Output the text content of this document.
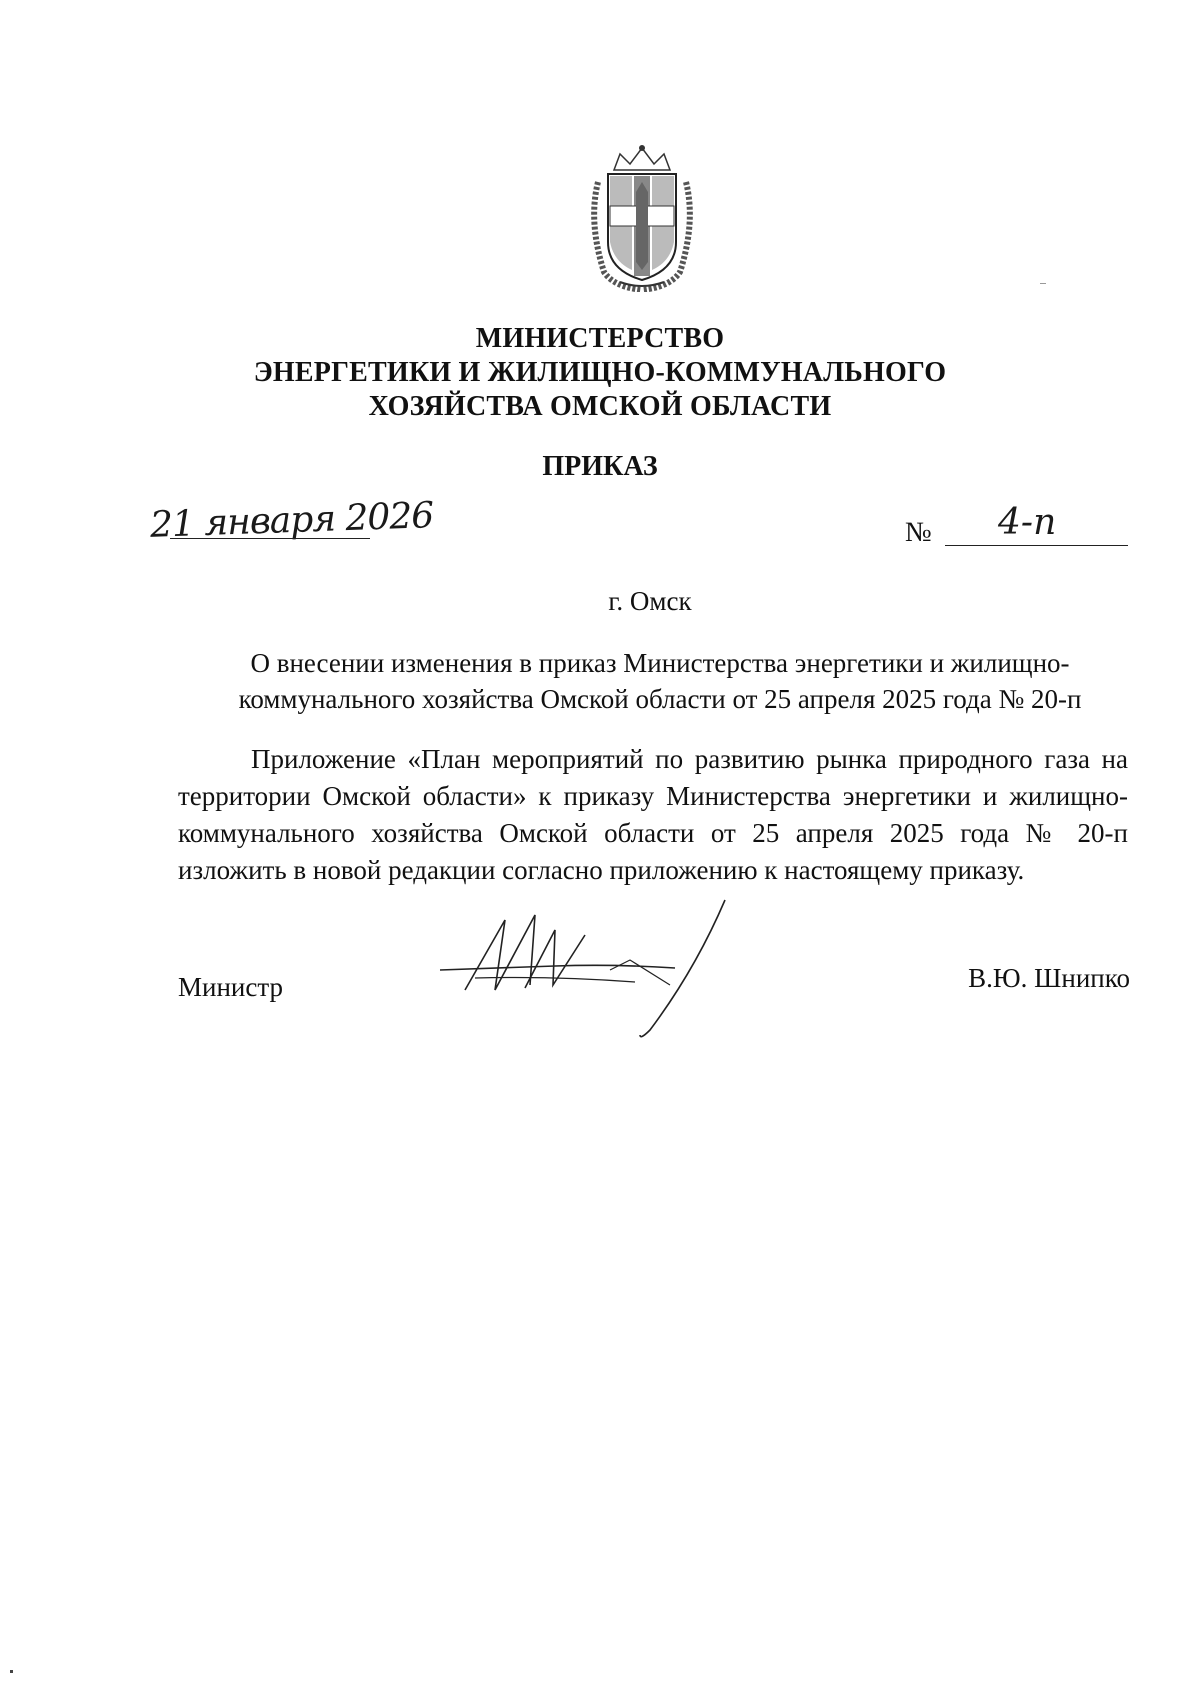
МИНИСТЕРСТВО
ЭНЕРГЕТИКИ И ЖИЛИЩНО-КОММУНАЛЬНОГО
ХОЗЯЙСТВА ОМСКОЙ ОБЛАСТИ
ПРИКАЗ
21 января 2026	№ 4-п
г. Омск
О внесении изменения в приказ Министерства энергетики и жилищно-коммунального хозяйства Омской области от 25 апреля 2025 года № 20-п
Приложение «План мероприятий по развитию рынка природного газа на территории Омской области» к приказу Министерства энергетики и жилищно-коммунального хозяйства Омской области от 25 апреля 2025 года № 20-п изложить в новой редакции согласно приложению к настоящему приказу.
Министр	В.Ю. Шнипко
